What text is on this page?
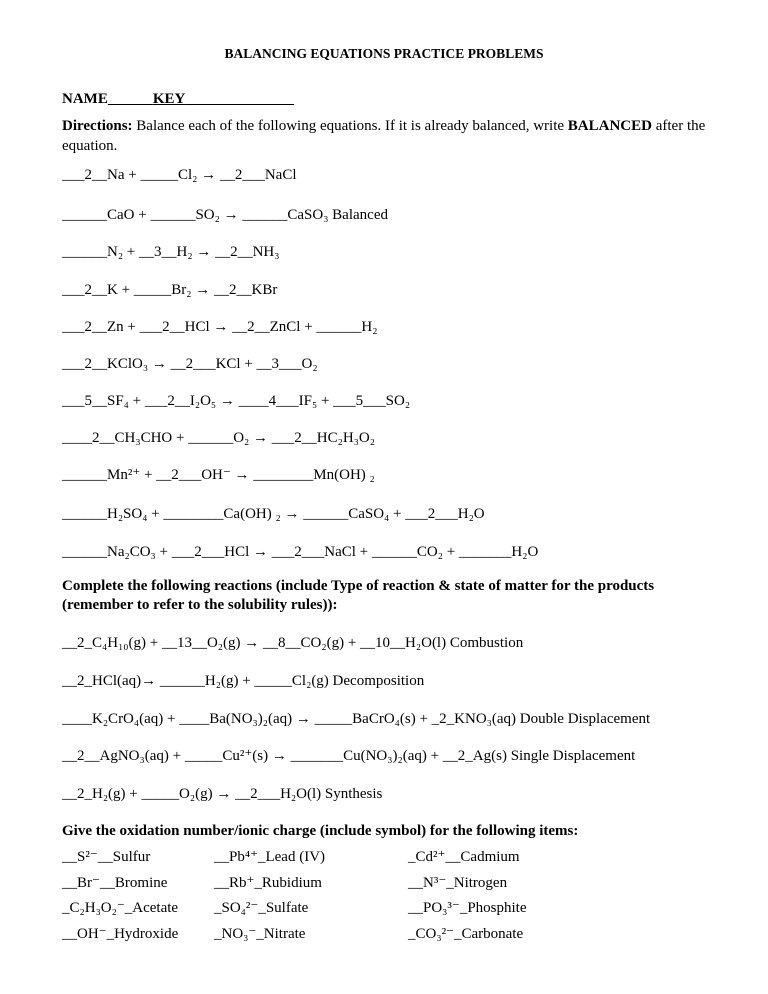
BALANCING EQUATIONS PRACTICE PROBLEMS
NAME	KEY
Directions: Balance each of the following equations. If it is already balanced, write BALANCED after the equation.
___2__Na + _____Cl₂ → __2___NaCl
______CaO + ______SO₂ → ______CaSO₃ Balanced
______N₂ + __3__H₂ → __2__NH₃
___2__K + _____Br₂ → __2__KBr
___2__Zn + ___2__HCl → __2__ZnCl + ______H₂
___2__KClO₃ → __2___KCl + __3___O₂
___5__SF₄ + ___2__I₂O₅ → ____4___IF₅ + ___5___SO₂
____2__CH₃CHO + ______O₂ → ___2__HC₂H₃O₂
______Mn²⁺ + __2___OH⁻ → ________Mn(OH) ₂
______H₂SO₄ + ________Ca(OH) ₂ → ______CaSO₄ + ___2___H₂O
______Na₂CO₃ + ___2___HCl → ___2___NaCl + ______CO₂ + _______H₂O
Complete the following reactions (include Type of reaction & state of matter for the products (remember to refer to the solubility rules)):
__2_C₄H₁₀(g) + __13__O₂(g) → __8__CO₂(g) + __10__H₂O(l) Combustion
__2_HCl(aq)→ ______H₂(g) + _____Cl₂(g) Decomposition
____K₂CrO₄(aq) + ____Ba(NO₃)₂(aq) → _____BaCrO₄(s) + _2_KNO₃(aq) Double Displacement
__2__AgNO₃(aq) + _____Cu²⁺(s) → _______Cu(NO₃)₂(aq) + __2_Ag(s) Single Displacement
__2_H₂(g) + _____O₂(g) → __2___H₂O(l) Synthesis
Give the oxidation number/ionic charge (include symbol) for the following items:
__S²⁻__Sulfur	__Pb⁴⁺_Lead (IV)	_Cd²⁺__Cadmium
__Br⁻__Bromine	__Rb⁺_Rubidium	__N³⁻_Nitrogen
_C₂H₃O₂⁻_Acetate _SO₄²⁻_Sulfate	__PO₃³⁻_Phosphite
__OH⁻_Hydroxide _NO₃⁻_Nitrate	_CO₃²⁻_Carbonate
